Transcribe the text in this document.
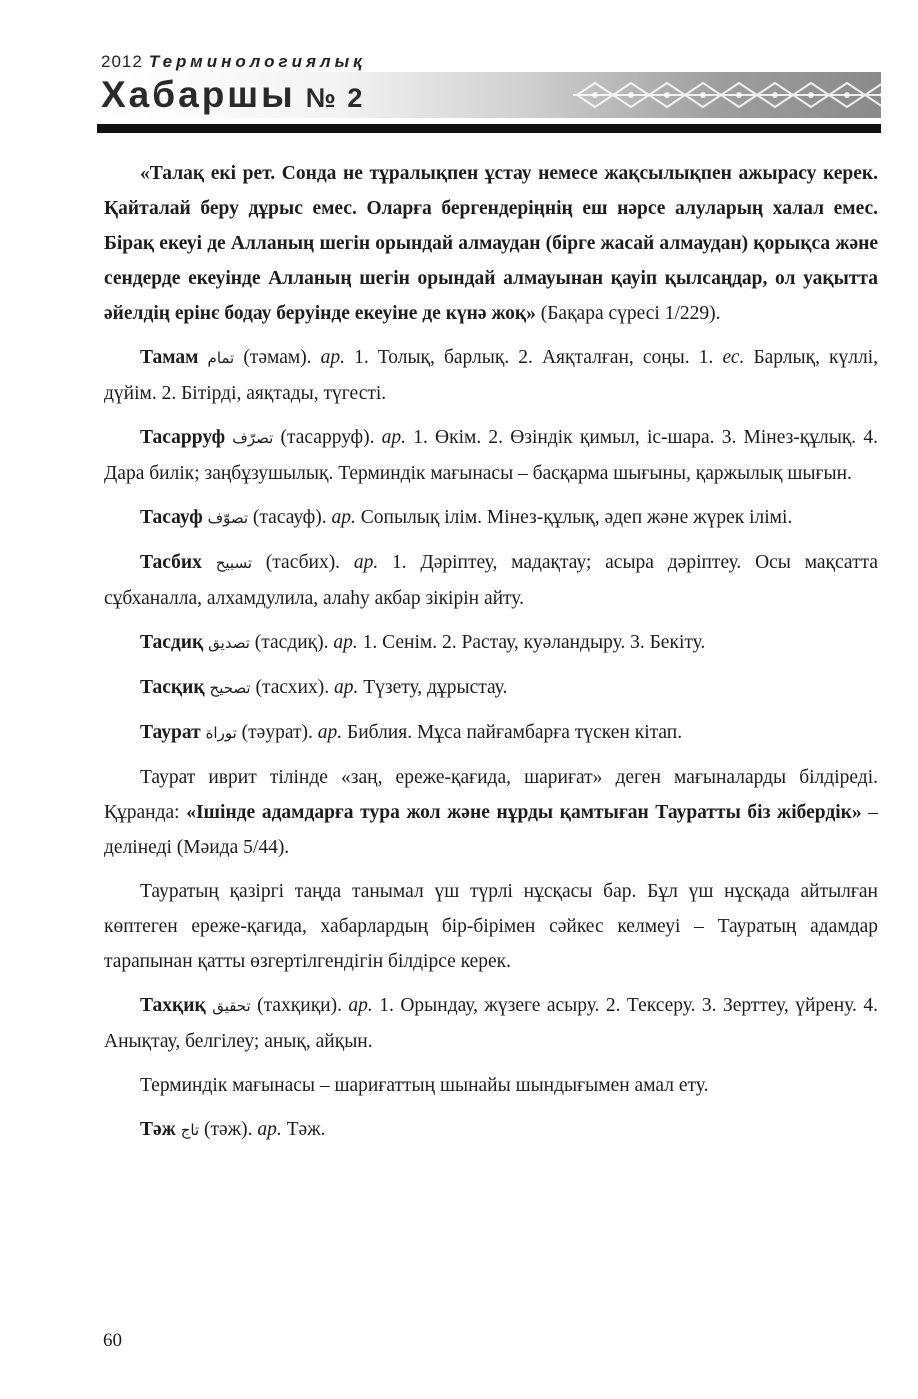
2012 Терминологиялық
Хабаршы № 2

«Талақ екі рет. Сонда не тұралықпен ұстау немесе жақсылықпен ажырасу керек. Қайталай беру дұрыс емес. Оларға бергендеріңнің еш нәрсе алуларың халал емес. Бірақ екеуі де Алланың шегін орындай алмаудан (бірге жасай алмаудан) қорықса және сендерде екеуінде Алланың шегін орындай алмауынан қауіп қылсаңдар, ол уақытта әйелдің ерінє бодау беруінде екеуіне де күнә жоқ» (Бақара сүресі 1/229).

Тамам تمام (тәмам). ар. 1. Толық, барлық. 2. Аяқталған, соңы. 1. ес. Барлық, күллі, дүйім. 2. Бітірді, аяқтады, түгесті.

Тасарруф تصرّف (тасарруф). ар. 1. Өкім. 2. Өзіндік қимыл, іс-шара. 3. Мінез-құлық. 4. Дара билік; заңбұзушылық. Терминдік мағынасы – басқарма шығыны, қаржылық шығын.

Тасауф تصوّف (тасауф). ар. Сопылық ілім. Мінез-құлық, әдеп және жүрек ілімі.

Тасбих تسبيح (тасбих). ар. 1. Дәріптеу, мадақтау; асыра дәріптеу. Осы мақсатта сұбханалла, алхамдулила, алаһу акбар зікірін айту.

Тасдиқ تصديق (тасдиқ). ар. 1. Сенім. 2. Растау, куәландыру. 3. Бекіту.

Тасқиқ تصحيح (тасхих). ар. Түзету, дұрыстау.

Таурат توراة (тәурат). ар. Библия. Мұса пайғамбарға түскен кітап.

Таурат иврит тілінде «заң, ереже-қағида, шариғат» деген мағыналарды білдіреді. Құранда: «Ішінде адамдарға тура жол және нұрды қамтыған Тауратты біз жібердік» – делінеді (Мәида 5/44).

Тауратың қазіргі таңда танымал үш түрлі нұсқасы бар. Бұл үш нұсқада айтылған көптеген ереже-қағида, хабарлардың бір-бірімен сәйкес келмеуі – Тауратың адамдар тарапынан қатты өзгертілгендігін білдірсе керек.

Тахқиқ تحقيق (тахқиқи). ар. 1. Орындау, жүзеге асыру. 2. Тексеру. 3. Зерттеу, үйрену. 4. Анықтау, белгілеу; анық, айқын.

Терминдік мағынасы – шариғаттың шынайы шындығымен амал ету.

Тәж تاج (тәж). ар. Тәж.

60
